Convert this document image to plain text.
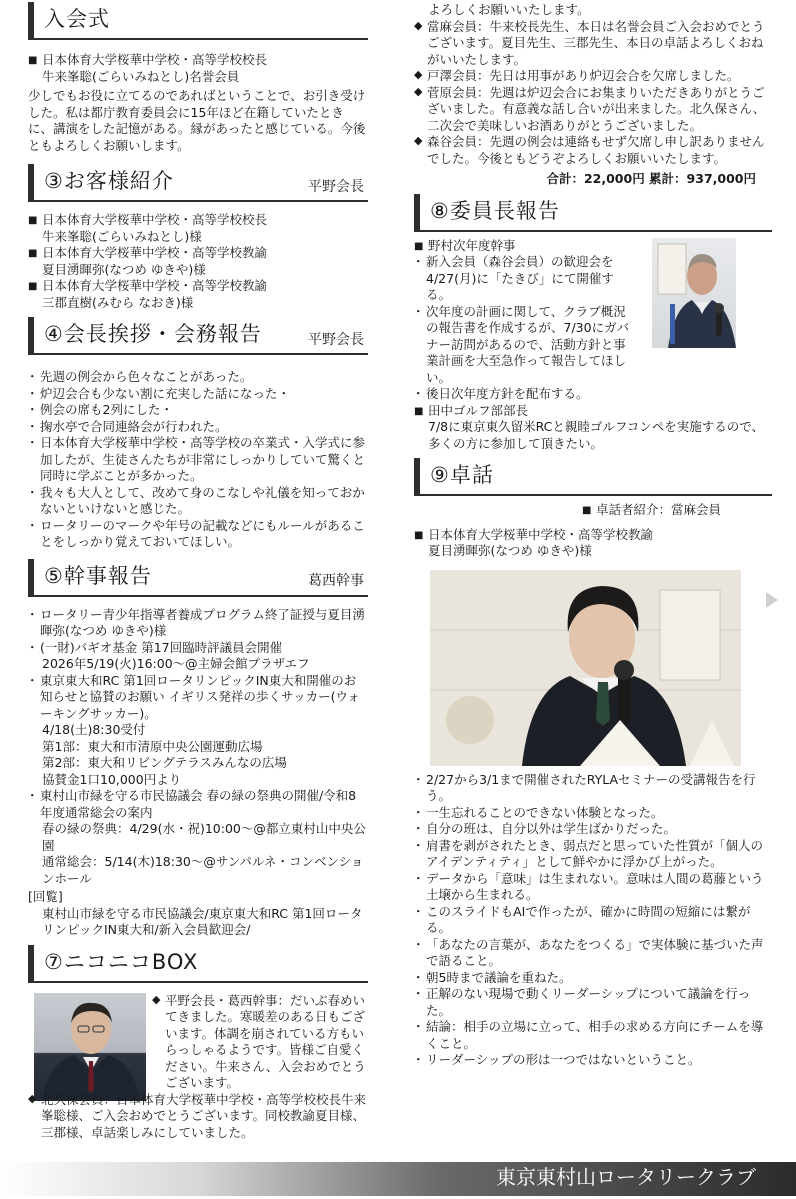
入会式
■ 日本体育大学桜華中学校・高等学校校長
牛来峯聡(ごらいみねとし)名誉会員

少しでもお役に立てるのであればということで、お引き受けした。私は都庁教育委員会に15年ほど在籍していたときに、講演をした記憶がある。縁があったと感じている。今後ともよろしくお願いします。

③お客様紹介	平野会長
■ 日本体育大学桜華中学校・高等学校校長
牛来峯聡(ごらいみねとし)様
■ 日本体育大学桜華中学校・高等学校教諭
夏目湧暉弥(なつめ ゆきや)様
■ 日本体育大学桜華中学校・高等学校教諭
三郡直樹(みむら なおき)様
④会長挨拶・会務報告	平野会長
・ 先週の例会から色々なことがあった。
・ 炉辺会合も少ない割に充実した話になった・
・ 例会の席も2列にした・
・ 掬水亭で合同連絡会が行われた。
・ 日本体育大学桜華中学校・高等学校の卒業式・入学式に参加したが、生徒さんたちが非常にしっかりしていて驚くと同時に学ぶことが多かった。
・ 我々も大人として、改めて身のこなしや礼儀を知っておかないといけないと感じた。
・ ロータリーのマークや年号の記載などにもルールがあることをしっかり覚えておいてほしい。
⑤幹事報告	葛西幹事
・ ロータリー青少年指導者養成プログラム終了証授与夏目湧暉弥(なつめ ゆきや)様
・ (一財)バギオ基金 第17回臨時評議員会開催
2026年5/19(火)16:00～@主婦会館プラザエフ
・ 東京東大和RC 第1回ロータリンピックIN東大和開催のお知らせと協賛のお願い イギリス発祥の歩くサッカー(ウォーキングサッカー)。
4/18(土)8:30受付
第1部：東大和市清原中央公園運動広場
第2部：東大和リビングテラスみんなの広場
協賛金1口10,000円より
・ 東村山市緑を守る市民協議会 春の緑の祭典の開催/令和8年度通常総会の案内
春の緑の祭典：4/29(水・祝)10:00～@都立東村山中央公園
通常総会：5/14(木)18:30～@サンパルネ・コンベンションホール
[回覧]
東村山市緑を守る市民協議会/東京東大和RC 第1回ロータリンピックIN東大和/新入会員歓迎会/
⑦ニコニコBOX
◆ 平野会長・葛西幹事：だいぶ春めいてきました。寒暖差のある日もございます。体調を崩されている方もいらっしゃるようです。皆様ご自愛ください。牛来さん、入会おめでとうございます。
◆ 北久保会員：日本体育大学桜華中学校・高等学校校長牛来峯聡様、ご入会おめでとうございます。同校教諭夏目様、三郡様、卓話楽しみにしていました。
よろしくお願いいたします。
◆ 當麻会員：牛来校長先生、本日は名誉会員ご入会おめでとうございます。夏目先生、三郡先生、本日の卓話よろしくおねがいいたします。
◆ 戸澤会員：先日は用事があり炉辺会合を欠席しました。
◆ 菅原会員：先週は炉辺会合にお集まりいただきありがとうございました。有意義な話し合いが出来ました。北久保さん、二次会で美味しいお酒ありがとうございました。
◆ 森谷会員：先週の例会は連絡もせず欠席し申し訳ありませんでした。今後ともどうぞよろしくお願いいたします。
合計：22,000円 累計：937,000円
⑧委員長報告
■ 野村次年度幹事
・ 新入会員（森谷会員）の歓迎会を4/27(月)に「たきび」にて開催する。
・ 次年度の計画に関して、クラブ概況の報告書を作成するが、7/30にガバナー訪問があるので、活動方針と事業計画を大至急作って報告してほしい。
・ 後日次年度方針を配布する。
■ 田中ゴルフ部部長
7/8に東京東久留米RCと親睦ゴルフコンペを実施するので、多くの方に参加して頂きたい。
⑨卓話
■ 卓話者紹介：當麻会員
■ 日本体育大学桜華中学校・高等学校教諭
夏目湧暉弥(なつめ ゆきや)様
・ 2/27から3/1まで開催されたRYLAセミナーの受講報告を行う。
・ 一生忘れることのできない体験となった。
・ 自分の班は、自分以外は学生ばかりだった。
・ 肩書を剥がされたとき、弱点だと思っていた性質が「個人のアイデンティティ」として鮮やかに浮かび上がった。
・ データから「意味」は生まれない。意味は人間の葛藤という土壌から生まれる。
・ このスライドもAIで作ったが、確かに時間の短縮には繋がる。
・ 「あなたの言葉が、あなたをつくる」で実体験に基づいた声で語ること。
・ 朝5時まで議論を重ねた。
・ 正解のない現場で動くリーダーシップについて議論を行った。
・ 結論：相手の立場に立って、相手の求める方向にチームを導くこと。
・ リーダーシップの形は一つではないということ。
東京東村山ロータリークラブ
